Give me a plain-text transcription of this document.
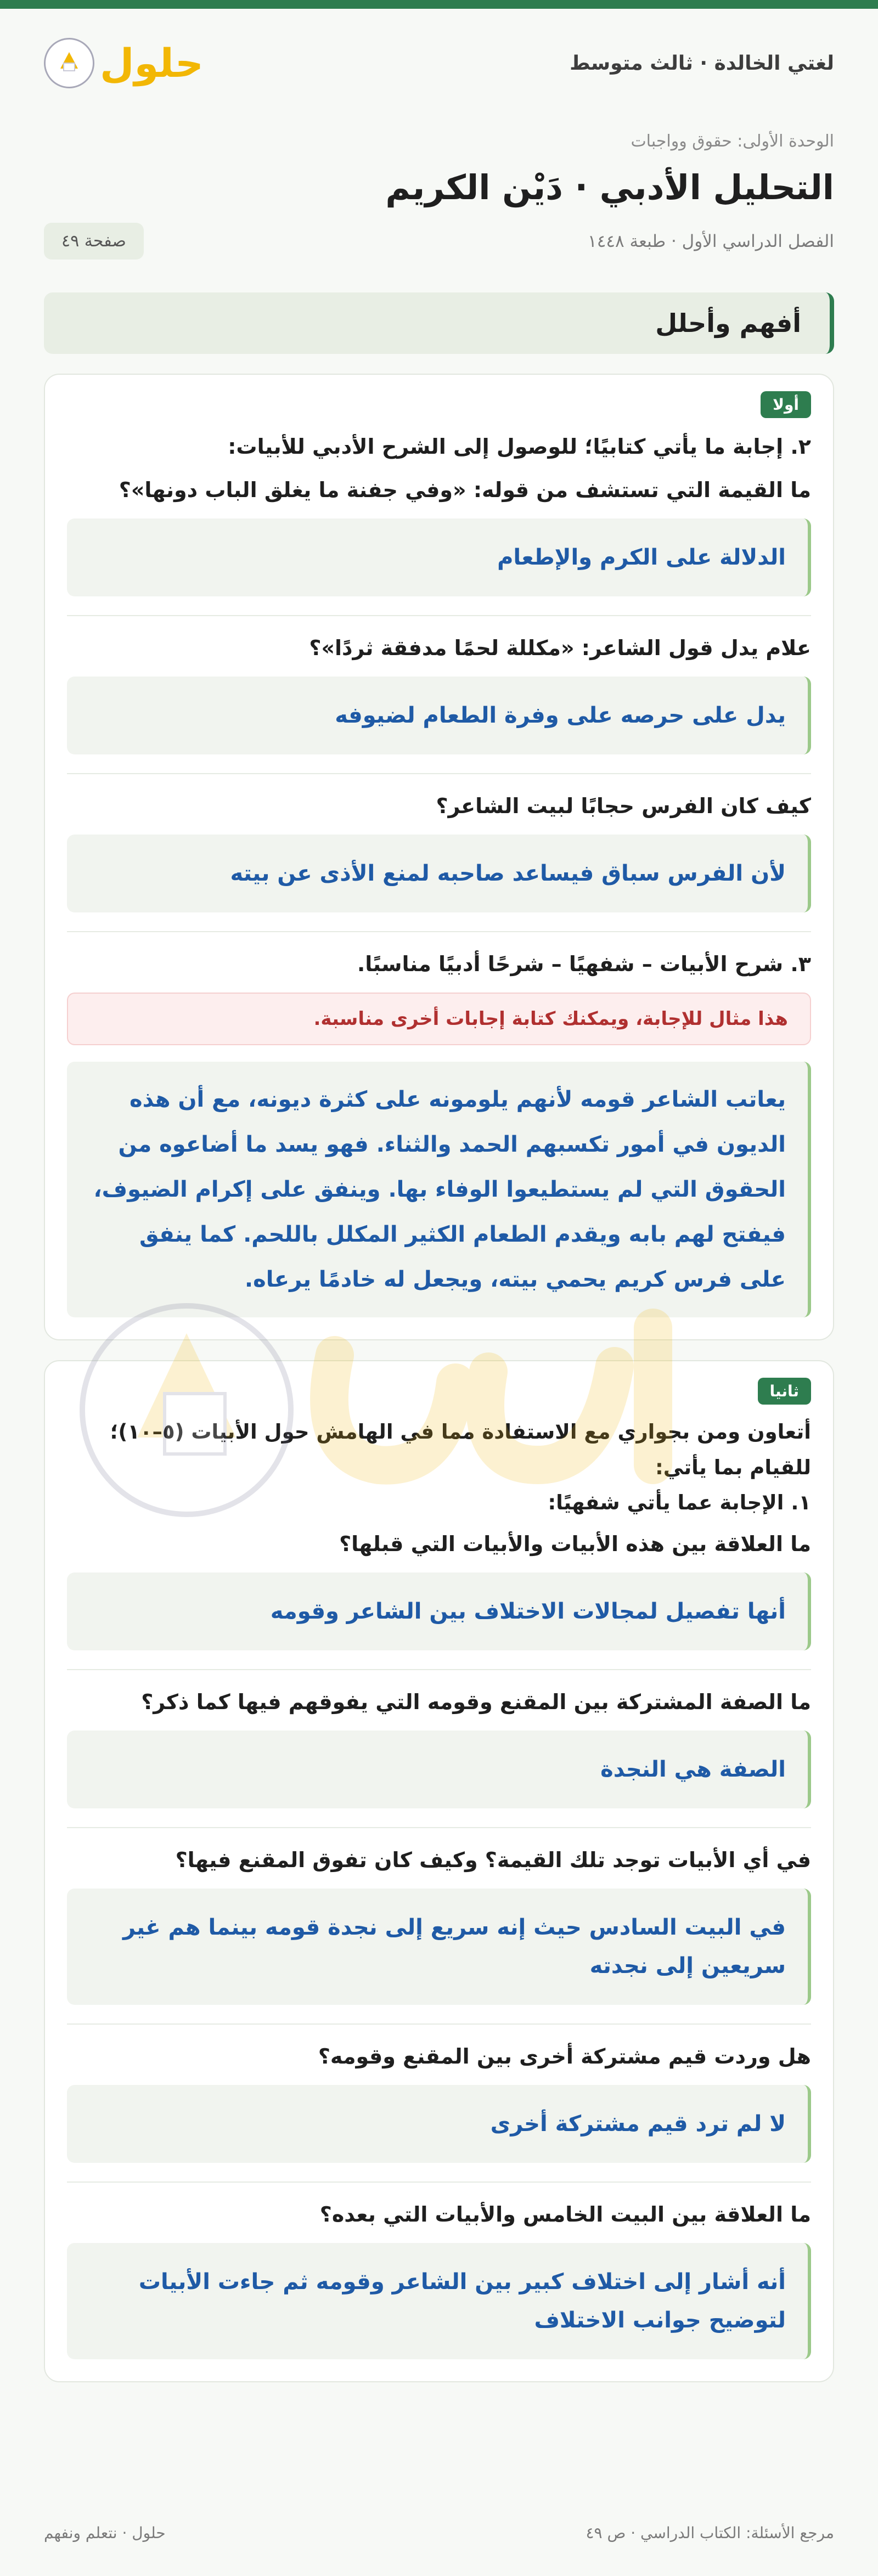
لغتي الخالدة · ثالث متوسط
حلول
الوحدة الأولى: حقوق وواجبات
التحليل الأدبي · دَيْن الكريم
الفصل الدراسي الأول · طبعة ١٤٤٨
صفحة ٤٩
أفهم وأحلل
أولا
٢. إجابة ما يأتي كتابيًا؛ للوصول إلى الشرح الأدبي للأبيات:
ما القيمة التي تستشف من قوله: «وفي جفنة ما يغلق الباب دونها»؟
الدلالة على الكرم والإطعام
علام يدل قول الشاعر: «مكللة لحمًا مدفقة ثردًا»؟
يدل على حرصه على وفرة الطعام لضيوفه
كيف كان الفرس حجابًا لبيت الشاعر؟
لأن الفرس سباق فيساعد صاحبه لمنع الأذى عن بيته
٣. شرح الأبيات – شفهيًا – شرحًا أدبيًا مناسبًا.
هذا مثال للإجابة، ويمكنك كتابة إجابات أخرى مناسبة.
يعاتب الشاعر قومه لأنهم يلومونه على كثرة ديونه، مع أن هذه الديون في أمور تكسبهم الحمد والثناء. فهو يسد ما أضاعوه من الحقوق التي لم يستطيعوا الوفاء بها. وينفق على إكرام الضيوف، فيفتح لهم بابه ويقدم الطعام الكثير المكلل باللحم. كما ينفق على فرس كريم يحمي بيته، ويجعل له خادمًا يرعاه.
ثانيا
أتعاون ومن بجواري مع الاستفادة مما في الهامش حول الأبيات (٥–١٠)؛ للقيام بما يأتي:
١. الإجابة عما يأتي شفهيًا:
ما العلاقة بين هذه الأبيات والأبيات التي قبلها؟
أنها تفصيل لمجالات الاختلاف بين الشاعر وقومه
ما الصفة المشتركة بين المقنع وقومه التي يفوقهم فيها كما ذكر؟
الصفة هي النجدة
في أي الأبيات توجد تلك القيمة؟ وكيف كان تفوق المقنع فيها؟
في البيت السادس حيث إنه سريع إلى نجدة قومه بينما هم غير سريعين إلى نجدته
هل وردت قيم مشتركة أخرى بين المقنع وقومه؟
لا لم ترد قيم مشتركة أخرى
ما العلاقة بين البيت الخامس والأبيات التي بعده؟
أنه أشار إلى اختلاف كبير بين الشاعر وقومه ثم جاءت الأبيات لتوضيح جوانب الاختلاف
مرجع الأسئلة: الكتاب الدراسي · ص ٤٩
حلول · نتعلم ونفهم
